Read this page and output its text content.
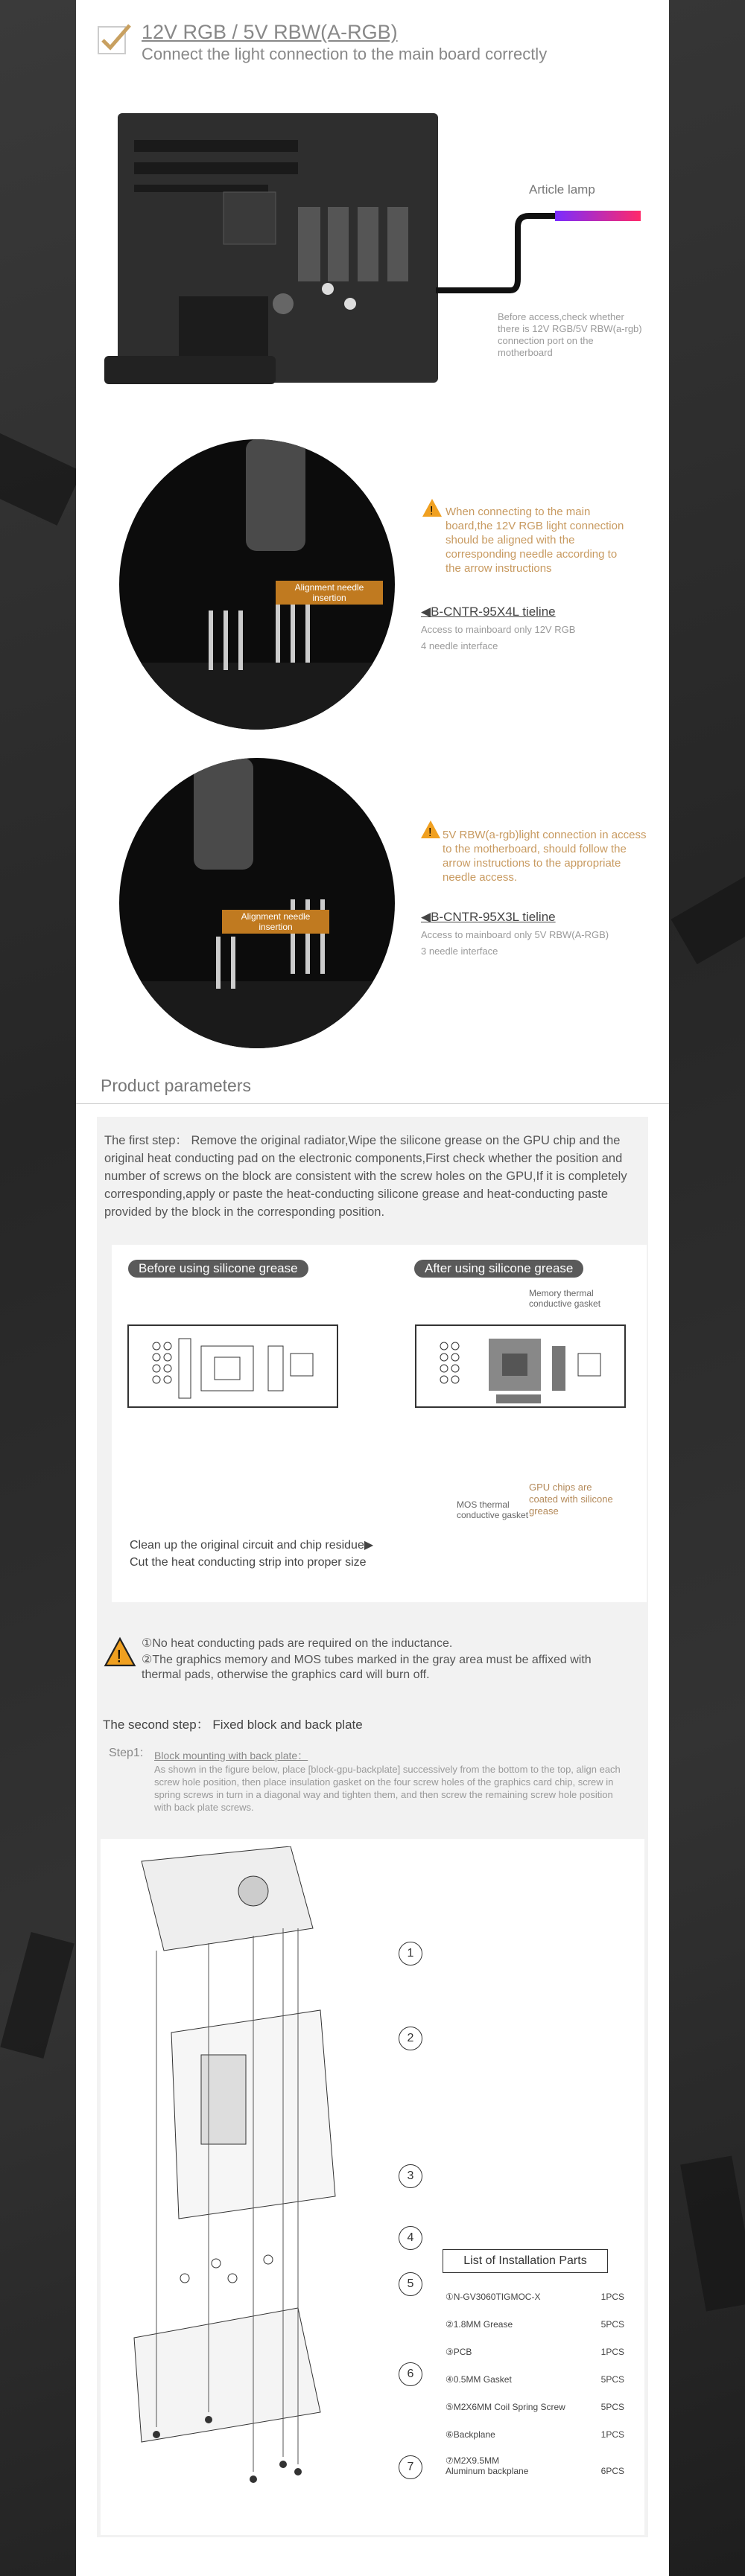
12V RGB / 5V RBW(A-RGB)
Connect the light connection to the main board correctly
Article lamp
Before access,check whether there is 12V RGB/5V RBW(a-rgb) connection port on the motherboard
Alignment needle insertion
! When connecting to the main board,the 12V RGB light connection should be aligned with the corresponding needle according to the arrow instructions
◀B-CNTR-95X4L tieline
Access to mainboard only 12V RGB
4 needle interface
Alignment needle insertion
! 5V RBW(a-rgb)light connection in access to the motherboard, should follow the arrow instructions to the appropriate needle access.
◀B-CNTR-95X3L tieline
Access to mainboard only 5V RBW(A-RGB)
3 needle interface
Product parameters
The first step： Remove the original radiator,Wipe the silicone grease on the GPU chip and the original heat conducting pad on the electronic components,First check whether the position and number of screws on the block are consistent with the screw holes on the GPU,If it is completely corresponding,apply or paste the heat-conducting silicone grease and heat-conducting paste provided by the block in the corresponding position.
Before using silicone grease	After using silicone grease
Memory thermal conductive gasket
GPU chips are coated with silicone grease
MOS thermal conductive gasket
Clean up the original circuit and chip residue▶
Cut the heat conducting strip into proper size
!
①No heat conducting pads are required on the inductance.
②The graphics memory and MOS tubes marked in the gray area must be affixed with thermal pads, otherwise the graphics card will burn off.
The second step： Fixed block and back plate
Step1: Block mounting with back plate：
As shown in the figure below, place [block-gpu-backplate] successively from the bottom to the top, align each screw hole position, then place insulation gasket on the four screw holes of the graphics card chip, screw in spring screws in turn in a diagonal way and tighten them, and then screw the remaining screw hole position with back plate screws.
1
2
3
4
5
6
7
List of Installation Parts
①N-GV3060TIGMOC-X	1PCS
②1.8MM Grease	5PCS
③PCB	1PCS
④0.5MM Gasket	5PCS
⑤M2X6MM Coil Spring Screw	5PCS
⑥Backplane	1PCS
⑦M2X9.5MM
Aluminum backplane	6PCS
